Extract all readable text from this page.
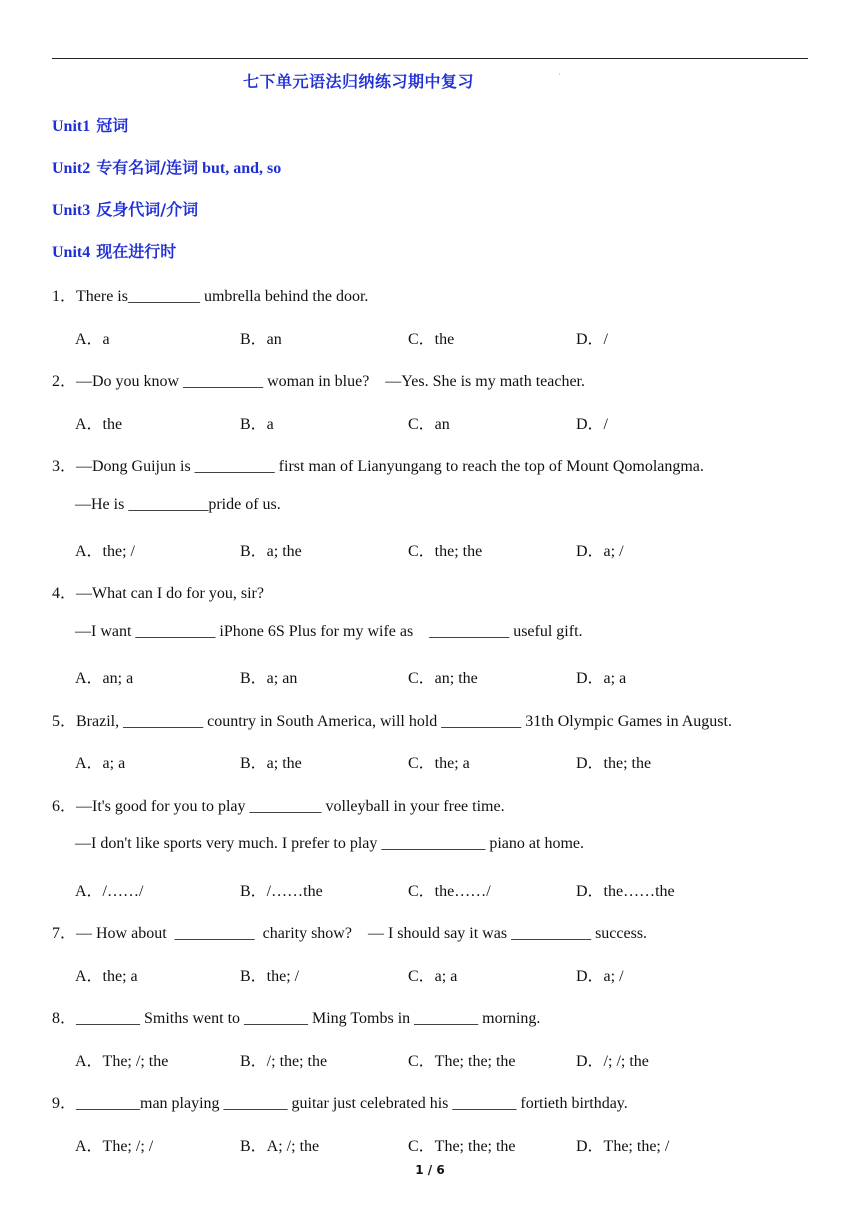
七下单元语法归纳练习期中复习	·
Unit1 冠词
Unit2 专有名词/连词 but, and, so
Unit3 反身代词/介词
Unit4 现在进行时
1．There is_________ umbrella behind the door.
A．a	B．an	C．the	D．/
2．—Do you know __________ woman in blue?    —Yes. She is my math teacher.
A．the	B．a	C．an	D．/
3．—Dong Guijun is __________ first man of Lianyungang to reach the top of Mount Qomolangma.
—He is __________pride of us.
A．the; /	B．a; the	C．the; the	D．a; /
4．—What can I do for you, sir?
—I want __________ iPhone 6S Plus for my wife as    __________ useful gift.
A．an; a	B．a; an	C．an; the	D．a; a
5．Brazil, __________ country in South America, will hold __________ 31th Olympic Games in August.
A．a; a	B．a; the	C．the; a	D．the; the
6．—It's good for you to play _________ volleyball in your free time.
—I don't like sports very much. I prefer to play _____________ piano at home.
A．/……/	B．/……the	C．the……/	D．the……the
7．— How about  __________  charity show?    — I should say it was __________ success.
A．the; a	B．the; /	C．a; a	D．a; /
8．________ Smiths went to ________ Ming Tombs in ________ morning.
A．The; /; the	B．/; the; the	C．The; the; the	D．/; /; the
9．________man playing ________ guitar just celebrated his ________ fortieth birthday.
A．The; /; /	B．A; /; the	C．The; the; the	D．The; the; /
1 / 6
